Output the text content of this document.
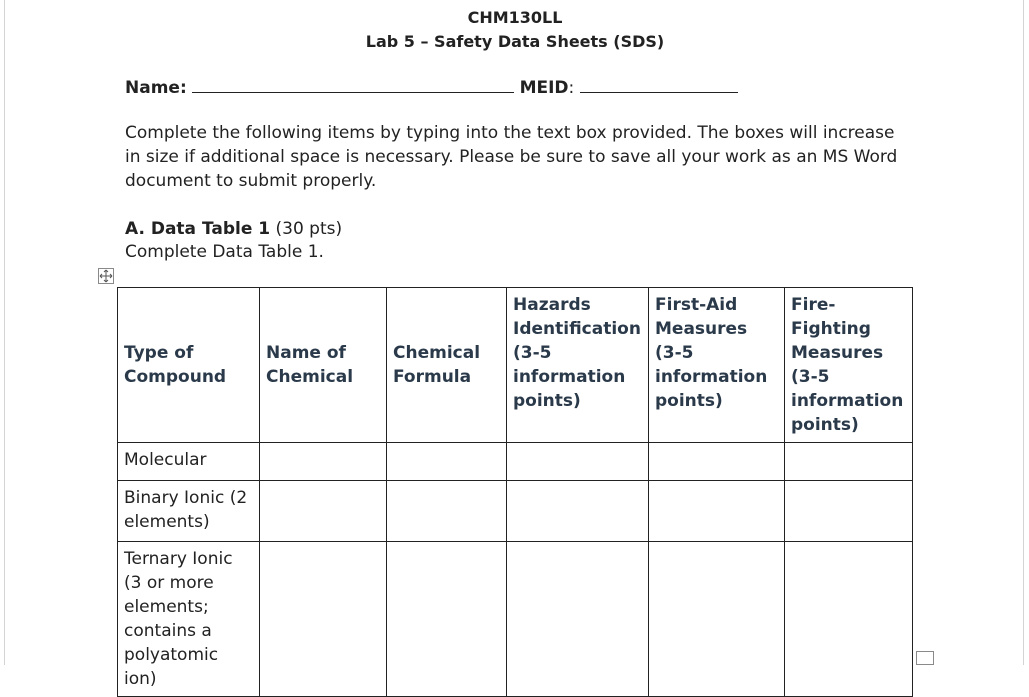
CHM130LL
Lab 5 – Safety Data Sheets (SDS)
Name:	MEID:
Complete the following items by typing into the text box provided. The boxes will increase in size if additional space is necessary. Please be sure to save all your work as an MS Word document to submit properly.
A. Data Table 1 (30 pts)
Complete Data Table 1.
Type of Compound	Name of Chemical	Chemical Formula	Hazards Identification (3-5 information points)	First-Aid Measures (3-5 information points)	Fire-Fighting Measures (3-5 information points)
Molecular					
Binary Ionic (2 elements)					
Ternary Ionic (3 or more elements; contains a polyatomic ion)					
